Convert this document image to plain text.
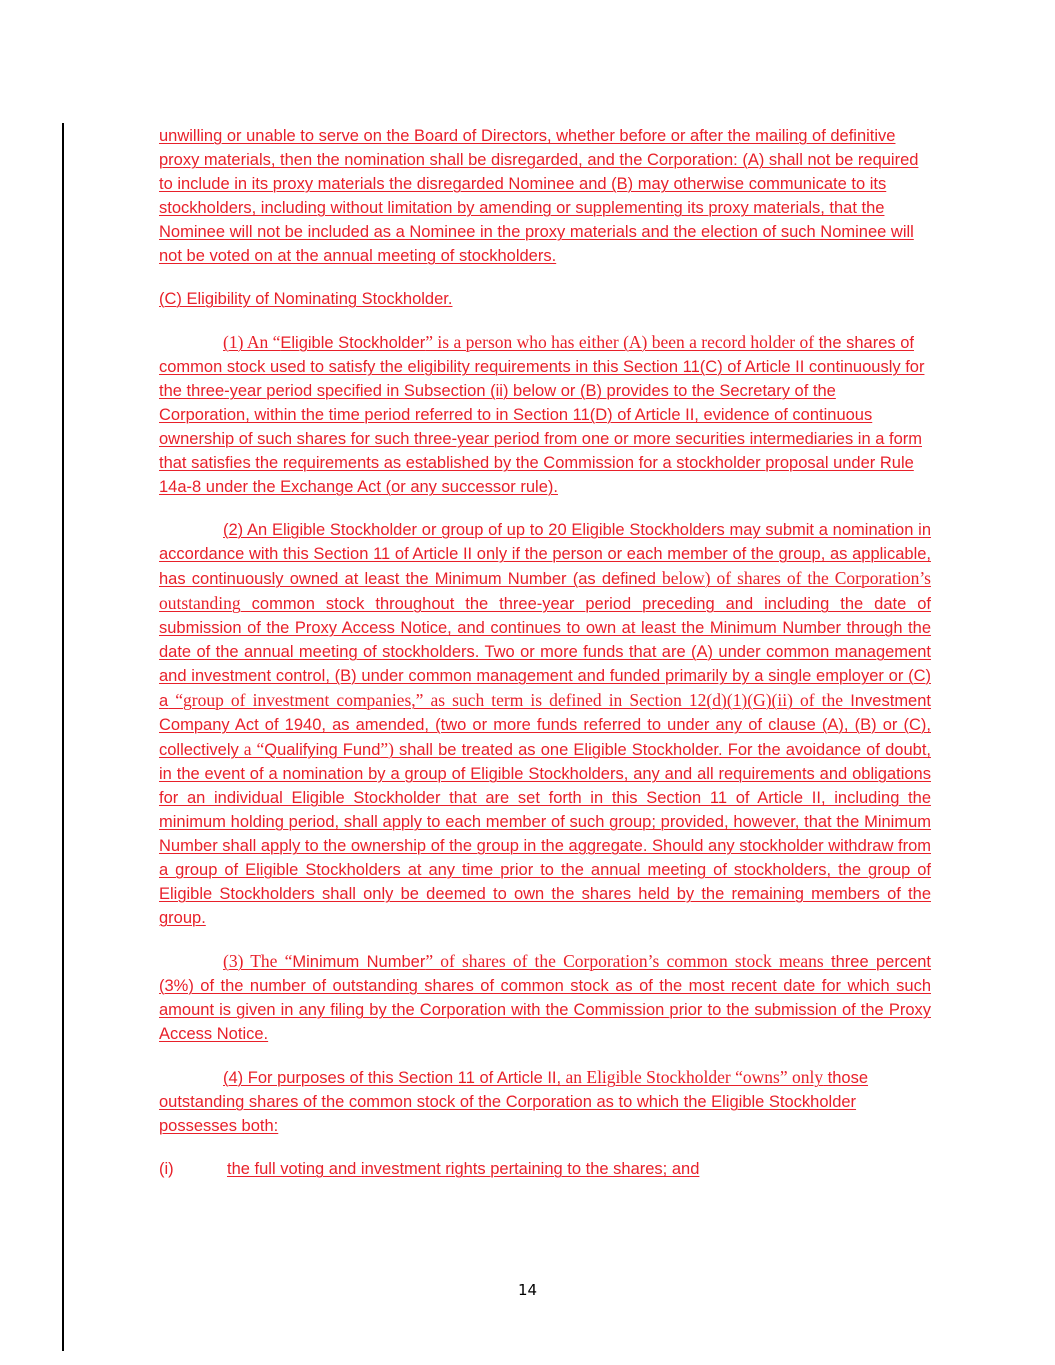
unwilling or unable to serve on the Board of Directors, whether before or after the mailing of definitive proxy materials, then the nomination shall be disregarded, and the Corporation: (A) shall not be required to include in its proxy materials the disregarded Nominee and (B) may otherwise communicate to its stockholders, including without limitation by amending or supplementing its proxy materials, that the Nominee will not be included as a Nominee in the proxy materials and the election of such Nominee will not be voted on at the annual meeting of stockholders.

(C) Eligibility of Nominating Stockholder.

(1) An “Eligible Stockholder” is a person who has either (A) been a record holder of the shares of common stock used to satisfy the eligibility requirements in this Section 11(C) of Article II continuously for the three-year period specified in Subsection (ii) below or (B) provides to the Secretary of the Corporation, within the time period referred to in Section 11(D) of Article II, evidence of continuous ownership of such shares for such three-year period from one or more securities intermediaries in a form that satisfies the requirements as established by the Commission for a stockholder proposal under Rule 14a-8 under the Exchange Act (or any successor rule).

(2) An Eligible Stockholder or group of up to 20 Eligible Stockholders may submit a nomination in accordance with this Section 11 of Article II only if the person or each member of the group, as applicable, has continuously owned at least the Minimum Number (as defined below) of shares of the Corporation’s outstanding common stock throughout the three-year period preceding and including the date of submission of the Proxy Access Notice, and continues to own at least the Minimum Number through the date of the annual meeting of stockholders. Two or more funds that are (A) under common management and investment control, (B) under common management and funded primarily by a single employer or (C) a “group of investment companies,” as such term is defined in Section 12(d)(1)(G)(ii) of the Investment Company Act of 1940, as amended, (two or more funds referred to under any of clause (A), (B) or (C), collectively a “Qualifying Fund”) shall be treated as one Eligible Stockholder. For the avoidance of doubt, in the event of a nomination by a group of Eligible Stockholders, any and all requirements and obligations for an individual Eligible Stockholder that are set forth in this Section 11 of Article II, including the minimum holding period, shall apply to each member of such group; provided, however, that the Minimum Number shall apply to the ownership of the group in the aggregate. Should any stockholder withdraw from a group of Eligible Stockholders at any time prior to the annual meeting of stockholders, the group of Eligible Stockholders shall only be deemed to own the shares held by the remaining members of the group.

(3) The “Minimum Number” of shares of the Corporation’s common stock means three percent (3%) of the number of outstanding shares of common stock as of the most recent date for which such amount is given in any filing by the Corporation with the Commission prior to the submission of the Proxy Access Notice.

(4) For purposes of this Section 11 of Article II, an Eligible Stockholder “owns” only those outstanding shares of the common stock of the Corporation as to which the Eligible Stockholder possesses both:

(i)	the full voting and investment rights pertaining to the shares; and

14
